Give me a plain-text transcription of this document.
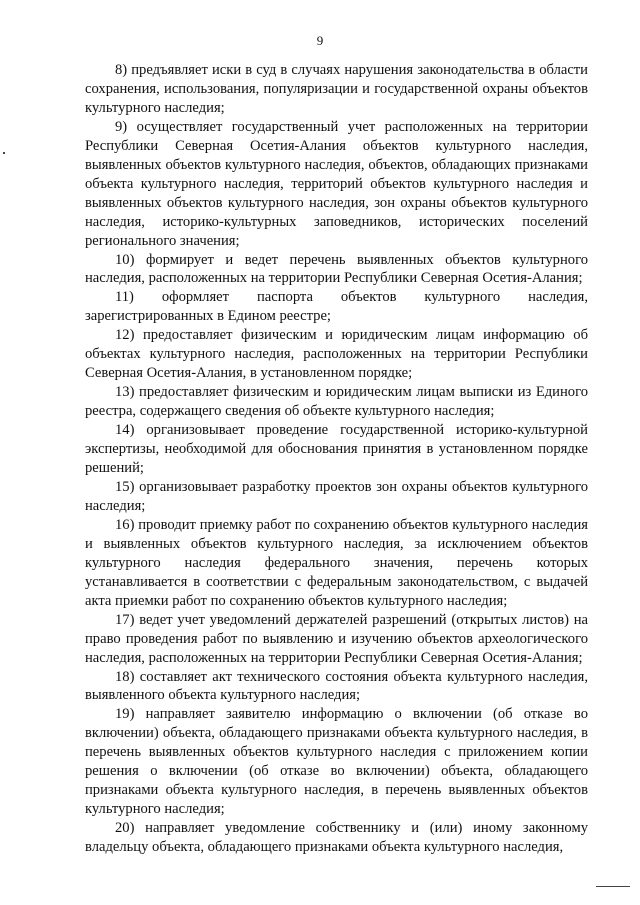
9

8) предъявляет иски в суд в случаях нарушения законодательства в области сохранения, использования, популяризации и государственной охраны объектов культурного наследия;

9) осуществляет государственный учет расположенных на территории Республики Северная Осетия-Алания объектов культурного наследия, выявленных объектов культурного наследия, объектов, обладающих признаками объекта культурного наследия, территорий объектов культурного наследия и выявленных объектов культурного наследия, зон охраны объектов культурного наследия, историко-культурных заповедников, исторических поселений регионального значения;

10) формирует и ведет перечень выявленных объектов культурного наследия, расположенных на территории Республики Северная Осетия-Алания;

11) оформляет паспорта объектов культурного наследия, зарегистрированных в Едином реестре;

12) предоставляет физическим и юридическим лицам информацию об объектах культурного наследия, расположенных на территории Республики Северная Осетия-Алания, в установленном порядке;

13) предоставляет физическим и юридическим лицам выписки из Единого реестра, содержащего сведения об объекте культурного наследия;

14) организовывает проведение государственной историко-культурной экспертизы, необходимой для обоснования принятия в установленном порядке решений;

15) организовывает разработку проектов зон охраны объектов культурного наследия;

16) проводит приемку работ по сохранению объектов культурного наследия и выявленных объектов культурного наследия, за исключением объектов культурного наследия федерального значения, перечень которых устанавливается в соответствии с федеральным законодательством, с выдачей акта приемки работ по сохранению объектов культурного наследия;

17) ведет учет уведомлений держателей разрешений (открытых листов) на право проведения работ по выявлению и изучению объектов археологического наследия, расположенных на территории Республики Северная Осетия-Алания;

18) составляет акт технического состояния объекта культурного наследия, выявленного объекта культурного наследия;

19) направляет заявителю информацию о включении (об отказе во включении) объекта, обладающего признаками объекта культурного наследия, в перечень выявленных объектов культурного наследия с приложением копии решения о включении (об отказе во включении) объекта, обладающего признаками объекта культурного наследия, в перечень выявленных объектов культурного наследия;

20) направляет уведомление собственнику и (или) иному законному владельцу объекта, обладающего признаками объекта культурного наследия,
